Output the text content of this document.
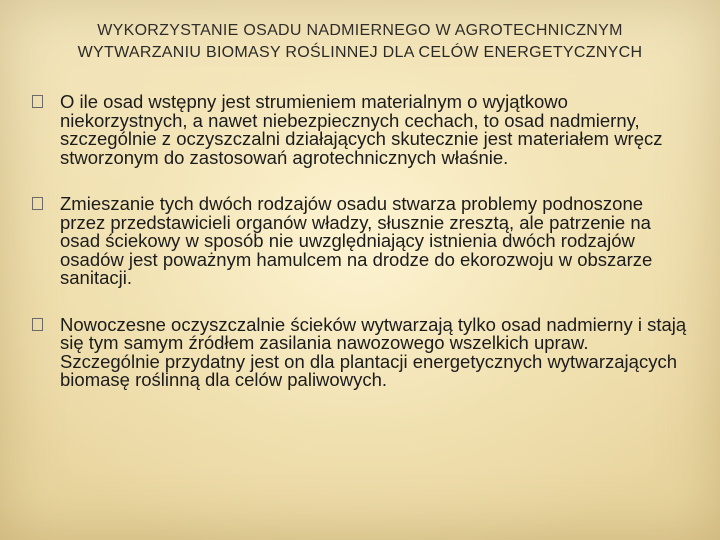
WYKORZYSTANIE OSADU NADMIERNEGO W AGROTECHNICZNYM
WYTWARZANIU BIOMASY ROŚLINNEJ DLA CELÓW ENERGETYCZNYCH
O ile osad wstępny jest strumieniem materialnym o wyjątkowo niekorzystnych, a nawet niebezpiecznych cechach, to osad nadmierny, szczególnie z oczyszczalni działających skutecznie jest materiałem wręcz stworzonym do zastosowań agrotechnicznych właśnie.
Zmieszanie tych dwóch rodzajów osadu stwarza problemy podnoszone przez przedstawicieli organów władzy, słusznie zresztą, ale patrzenie na osad ściekowy w sposób nie uwzględniający istnienia dwóch rodzajów osadów jest poważnym hamulcem na drodze do ekorozwoju w obszarze sanitacji.
Nowoczesne oczyszczalnie ścieków wytwarzają tylko osad nadmierny i stają się tym samym źródłem zasilania nawozowego wszelkich upraw. Szczególnie przydatny jest on dla plantacji energetycznych wytwarzających biomasę roślinną dla celów paliwowych.
